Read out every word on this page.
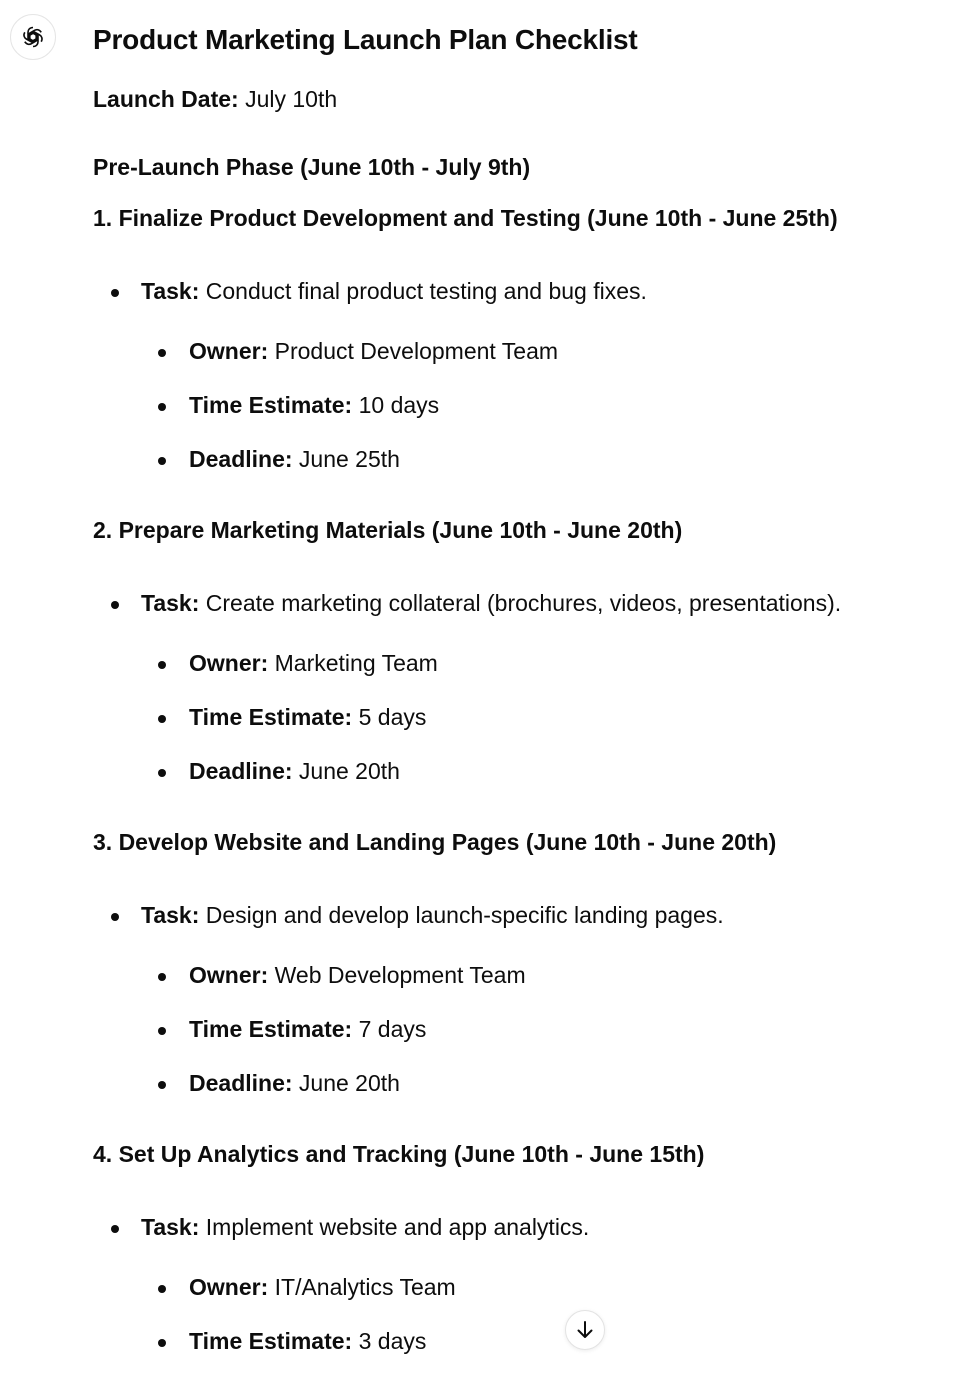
Product Marketing Launch Plan Checklist
Launch Date: July 10th
Pre-Launch Phase (June 10th - July 9th)
1. Finalize Product Development and Testing (June 10th - June 25th)
Task: Conduct final product testing and bug fixes.
Owner: Product Development Team
Time Estimate: 10 days
Deadline: June 25th
2. Prepare Marketing Materials (June 10th - June 20th)
Task: Create marketing collateral (brochures, videos, presentations).
Owner: Marketing Team
Time Estimate: 5 days
Deadline: June 20th
3. Develop Website and Landing Pages (June 10th - June 20th)
Task: Design and develop launch-specific landing pages.
Owner: Web Development Team
Time Estimate: 7 days
Deadline: June 20th
4. Set Up Analytics and Tracking (June 10th - June 15th)
Task: Implement website and app analytics.
Owner: IT/Analytics Team
Time Estimate: 3 days
